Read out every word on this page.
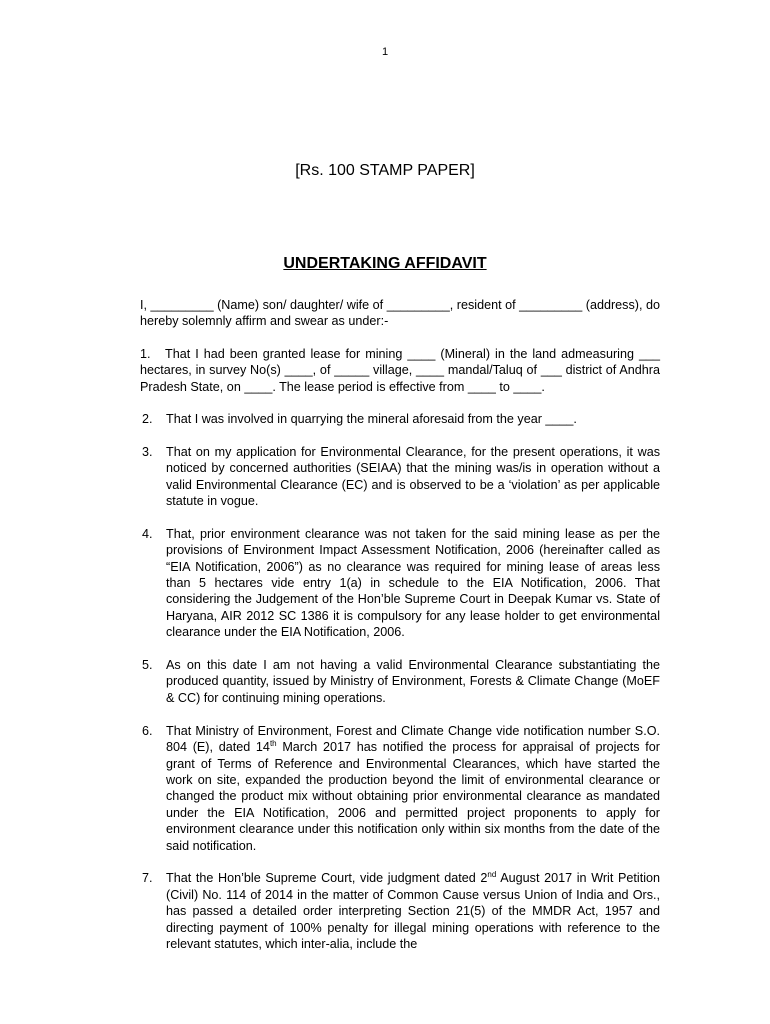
1
[Rs. 100 STAMP PAPER]
UNDERTAKING AFFIDAVIT

I, _________ (Name) son/ daughter/ wife of _________, resident of _________ (address), do hereby solemnly affirm and swear as under:-

1. That I had been granted lease for mining ____ (Mineral) in the land admeasuring ___ hectares, in survey No(s) ____, of _____ village, ____ mandal/Taluq of ___ district of Andhra Pradesh State, on ____. The lease period is effective from ____ to ____.

2.	That I was involved in quarrying the mineral aforesaid from the year ____.
3.	That on my application for Environmental Clearance, for the present operations, it was noticed by concerned authorities (SEIAA) that the mining was/is in operation without a valid Environmental Clearance (EC) and is observed to be a ‘violation’ as per applicable statute in vogue.
4.	That, prior environment clearance was not taken for the said mining lease as per the provisions of Environment Impact Assessment Notification, 2006 (hereinafter called as “EIA Notification, 2006”) as no clearance was required for mining lease of areas less than 5 hectares vide entry 1(a) in schedule to the EIA Notification, 2006. That considering the Judgement of the Hon’ble Supreme Court in Deepak Kumar vs. State of Haryana, AIR 2012 SC 1386 it is compulsory for any lease holder to get environmental clearance under the EIA Notification, 2006.
5.	As on this date I am not having a valid Environmental Clearance substantiating the produced quantity, issued by Ministry of Environment, Forests & Climate Change (MoEF & CC) for continuing mining operations.
6.	That Ministry of Environment, Forest and Climate Change vide notification number S.O. 804 (E), dated 14th March 2017 has notified the process for appraisal of projects for grant of Terms of Reference and Environmental Clearances, which have started the work on site, expanded the production beyond the limit of environmental clearance or changed the product mix without obtaining prior environmental clearance as mandated under the EIA Notification, 2006 and permitted project proponents to apply for environment clearance under this notification only within six months from the date of the said notification.
7.	That the Hon’ble Supreme Court, vide judgment dated 2nd August 2017 in Writ Petition (Civil) No. 114 of 2014 in the matter of Common Cause versus Union of India and Ors., has passed a detailed order interpreting Section 21(5) of the MMDR Act, 1957 and directing payment of 100% penalty for illegal mining operations with reference to the relevant statutes, which inter-alia, include the
